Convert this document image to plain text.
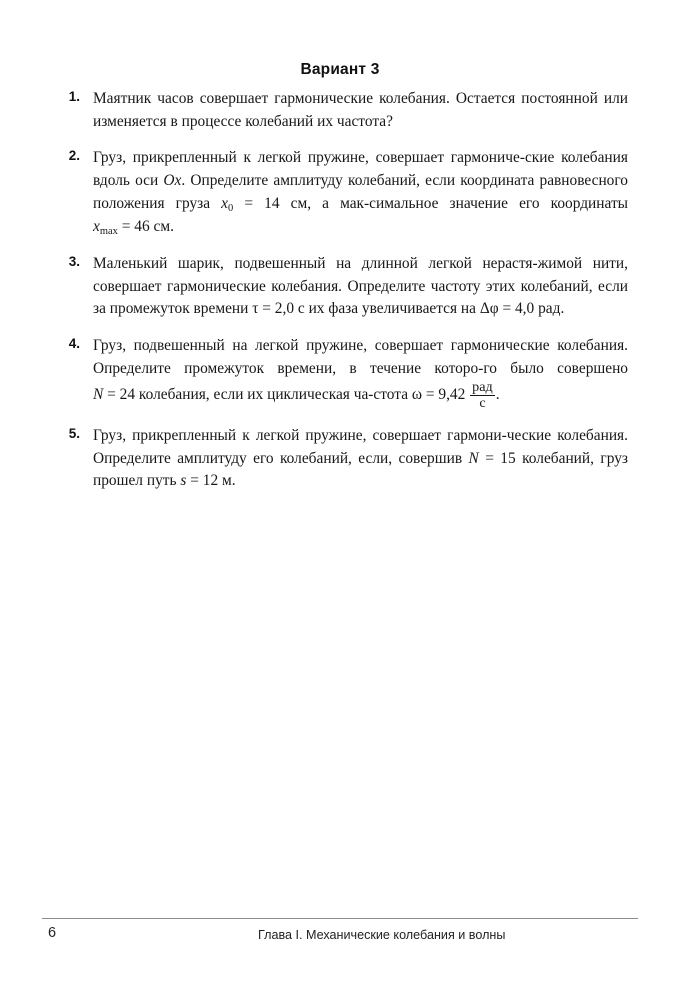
Вариант 3
1. Маятник часов совершает гармонические колебания. Остается постоянной или изменяется в процессе колебаний их частота?
2. Груз, прикрепленный к легкой пружине, совершает гармониче-ские колебания вдоль оси Ox. Определите амплитуду колебаний, если координата равновесного положения груза $x_0 = 14$ см, а мак-симальное значение его координаты $x_{max} = 46$ см.
3. Маленький шарик, подвешенный на длинной легкой нерастя-жимой нити, совершает гармонические колебания. Определите частоту этих колебаний, если за промежуток времени τ = 2,0 с их фаза увеличивается на Δφ = 4,0 рад.
4. Груз, подвешенный на легкой пружине, совершает гармонические колебания. Определите промежуток времени, в течение которо-го было совершено N = 24 колебания, если их циклическая ча-стота $\omega = 9,42 \frac{\text{рад}}{с}$ .
5. Груз, прикрепленный к легкой пружине, совершает гармони-ческие колебания. Определите амплитуду его колебаний, если, совершив N = 15 колебаний, груз прошел путь s = 12 м.
6	Глава I. Механические колебания и волны
